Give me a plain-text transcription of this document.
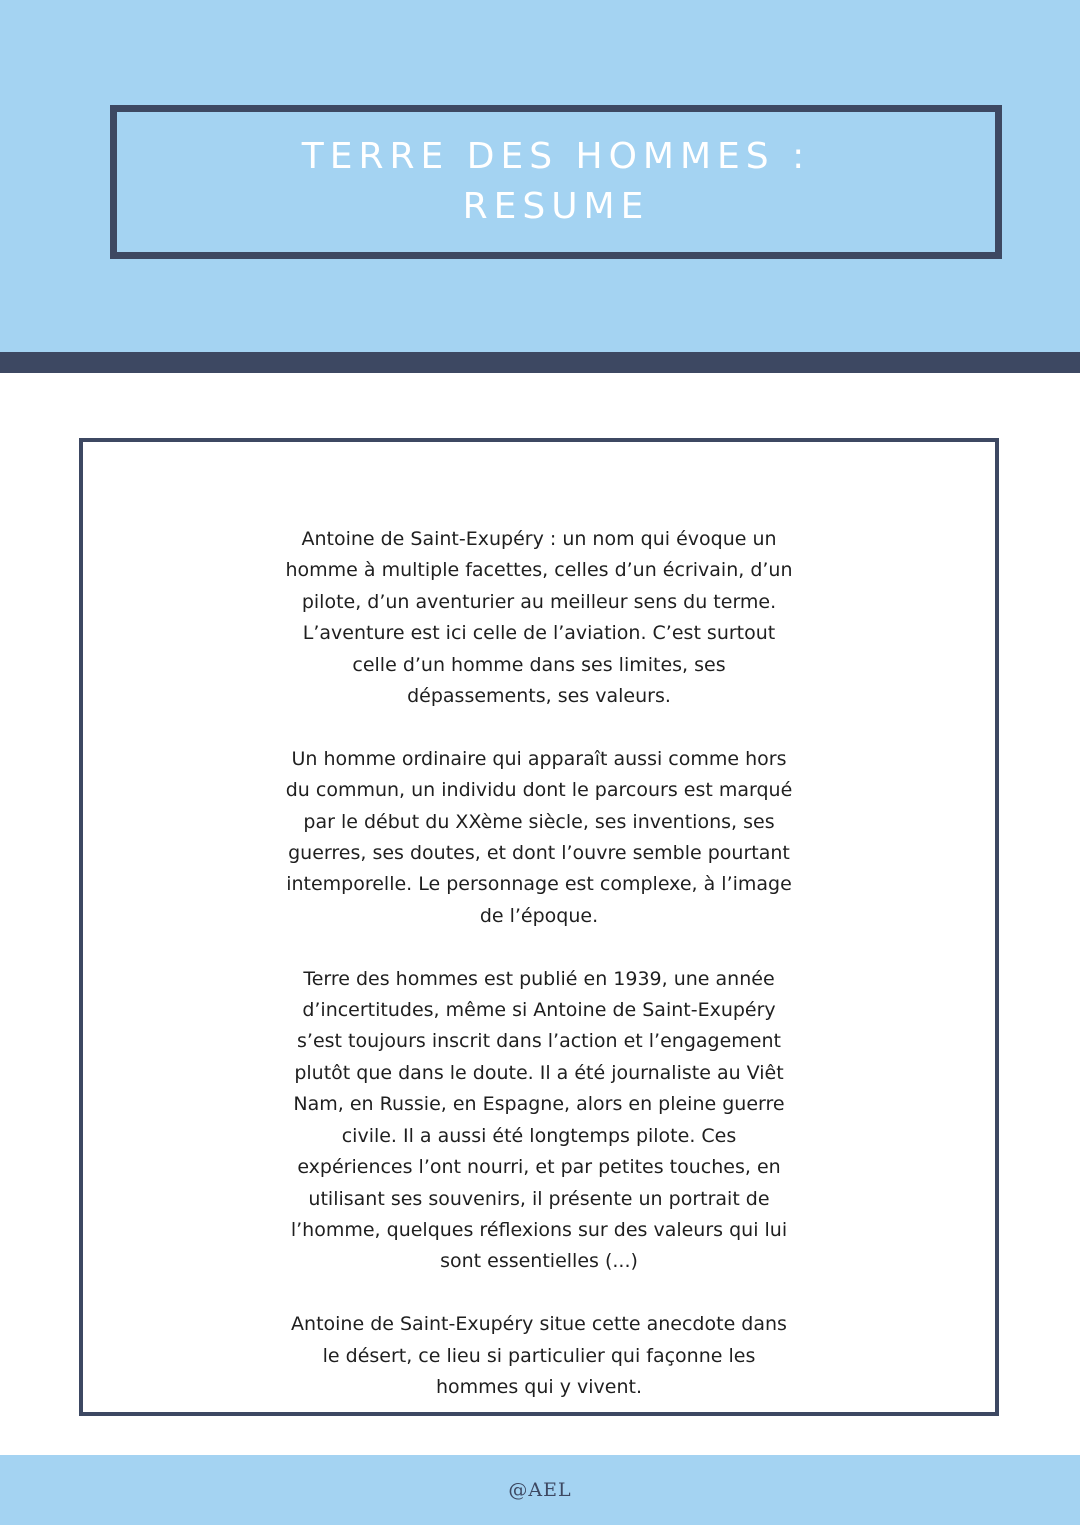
TERRE DES HOMMES :
RESUME

Antoine de Saint-Exupéry : un nom qui évoque un homme à multiple facettes, celles d’un écrivain, d’un pilote, d’un aventurier au meilleur sens du terme. L’aventure est ici celle de l’aviation. C’est surtout celle d’un homme dans ses limites, ses dépassements, ses valeurs.

Un homme ordinaire qui apparaît aussi comme hors du commun, un individu dont le parcours est marqué par le début du XXème siècle, ses inventions, ses guerres, ses doutes, et dont l’ouvre semble pourtant intemporelle. Le personnage est complexe, à l’image de l’époque.

Terre des hommes est publié en 1939, une année d’incertitudes, même si Antoine de Saint-Exupéry s’est toujours inscrit dans l’action et l’engagement plutôt que dans le doute. Il a été journaliste au Viêt Nam, en Russie, en Espagne, alors en pleine guerre civile. Il a aussi été longtemps pilote. Ces expériences l’ont nourri, et par petites touches, en utilisant ses souvenirs, il présente un portrait de l’homme, quelques réflexions sur des valeurs qui lui sont essentielles (...)

Antoine de Saint-Exupéry situe cette anecdote dans le désert, ce lieu si particulier qui façonne les hommes qui y vivent.

@AEL
